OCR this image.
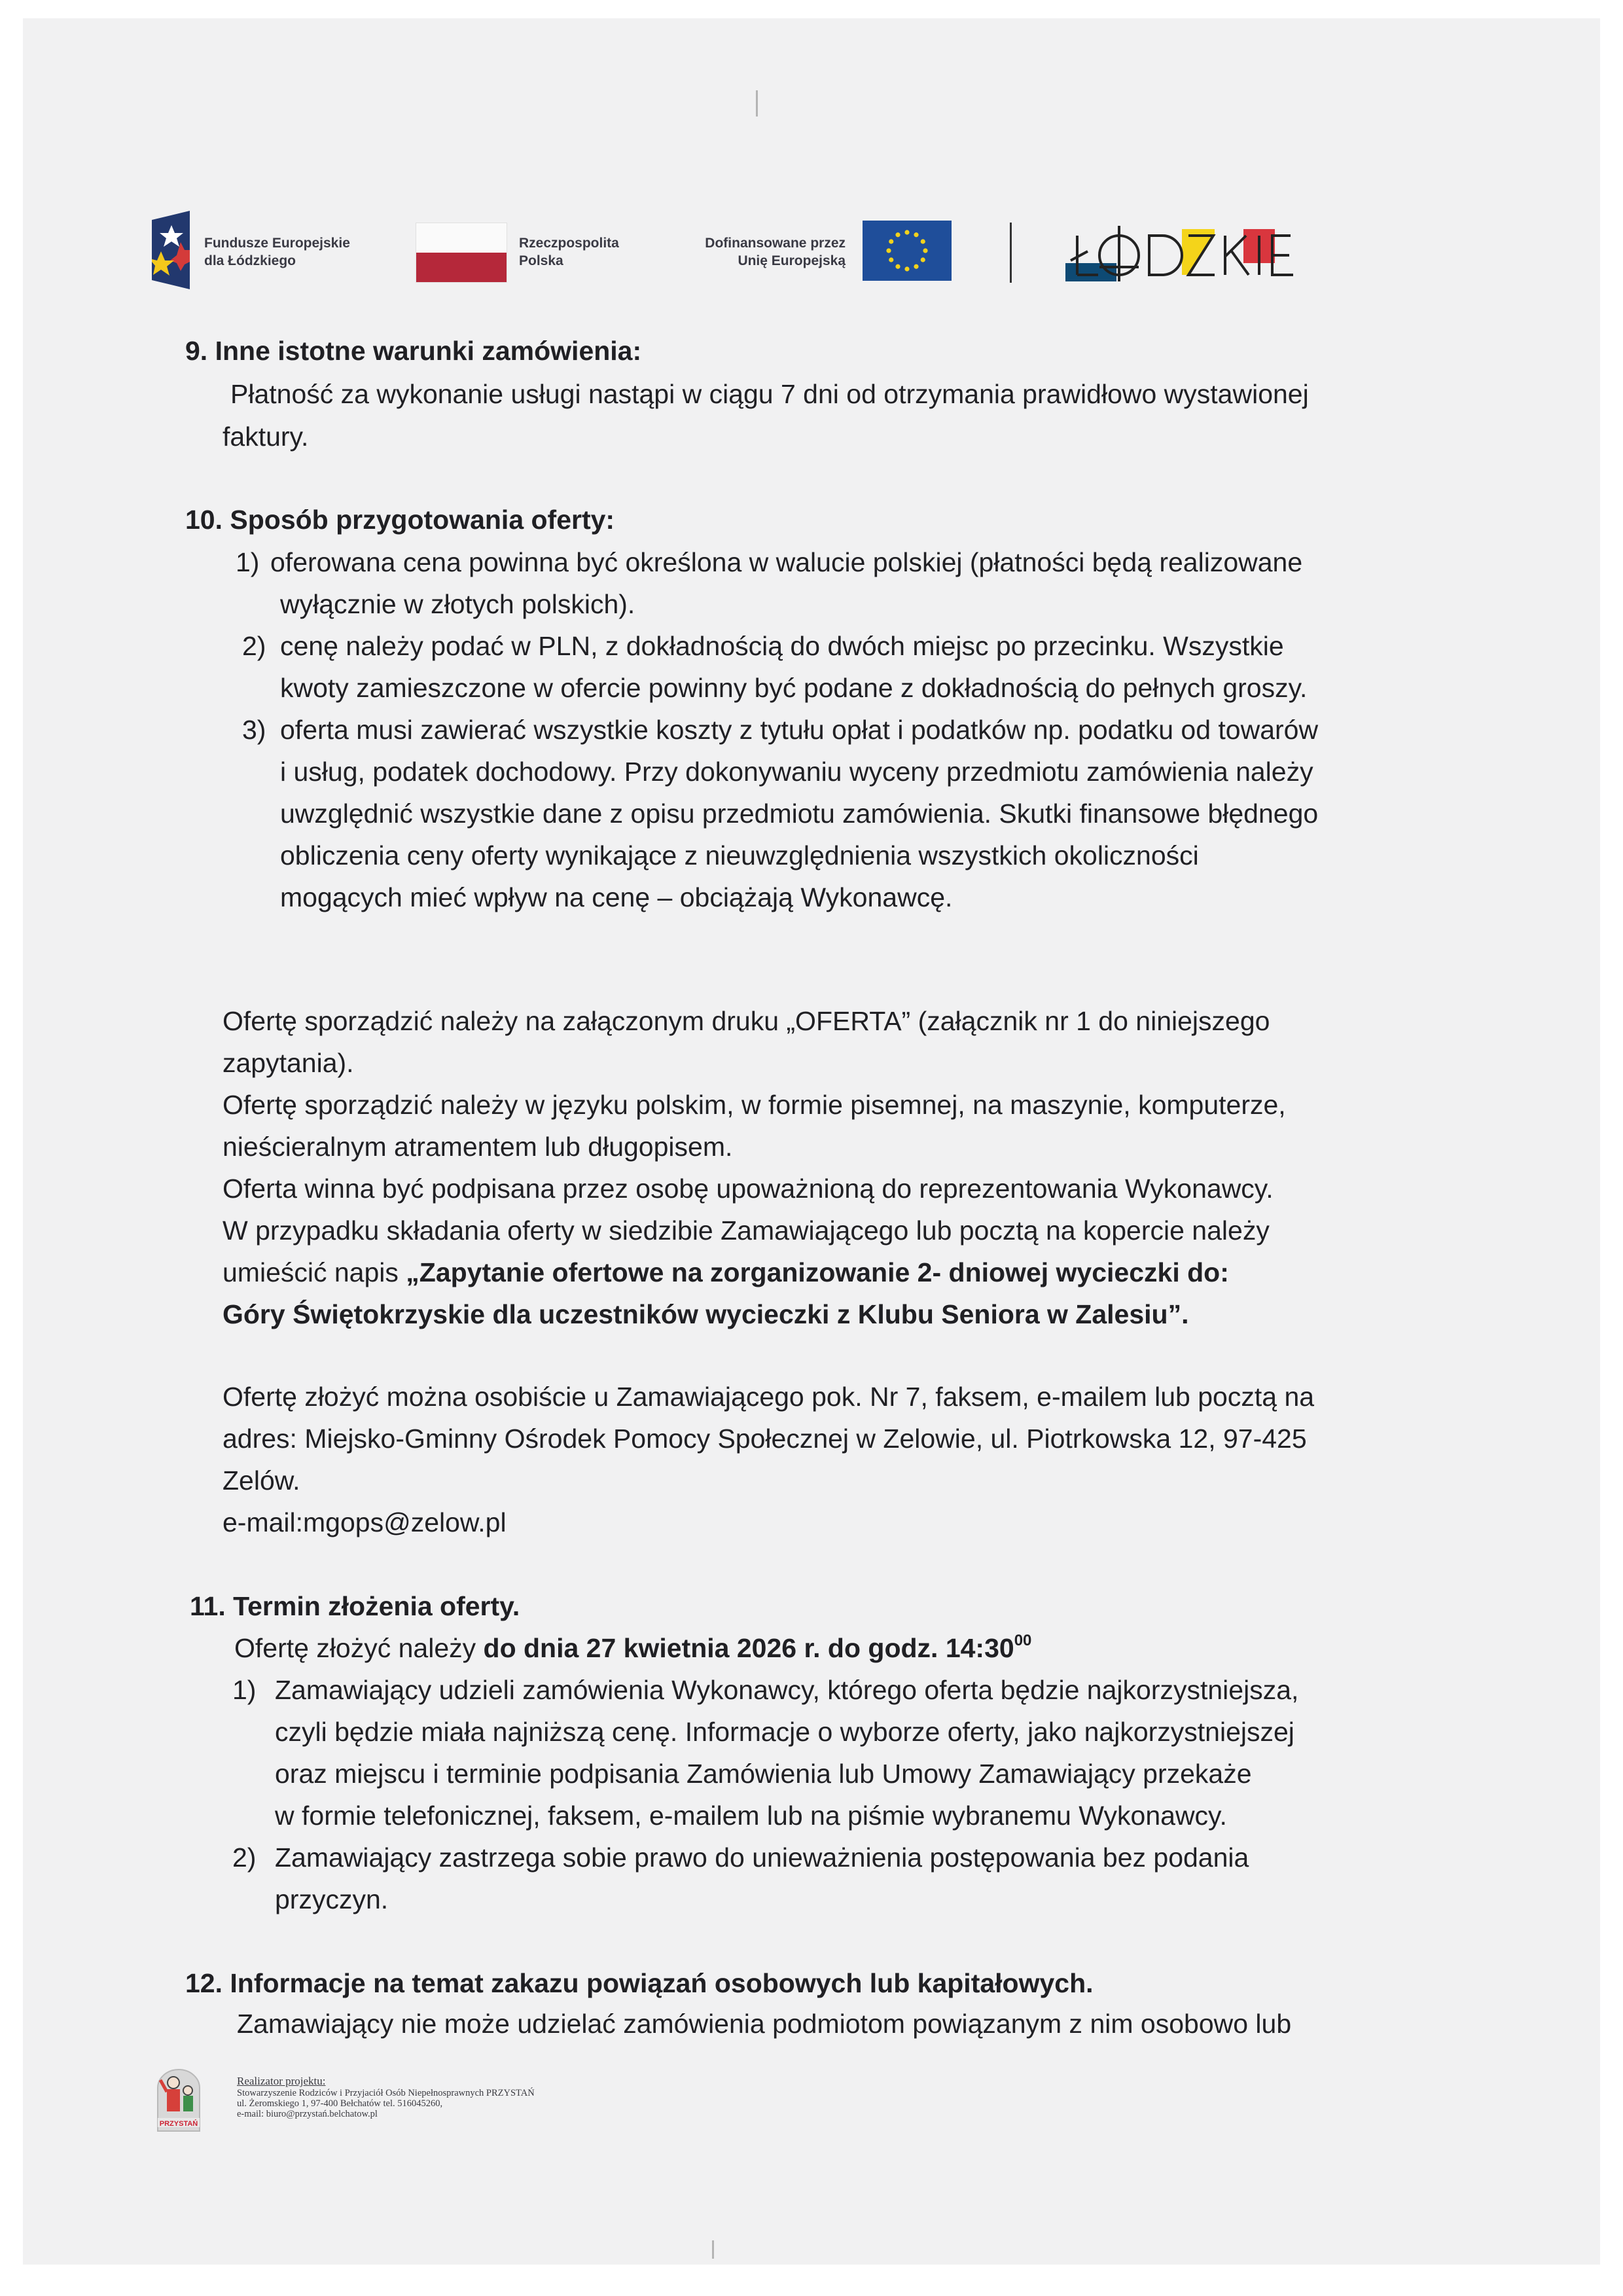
Fundusze Europejskie
dla Łódzkiego
Rzeczpospolita
Polska
Dofinansowane przez
Unię Europejską
9. Inne istotne warunki zamówienia:
Płatność za wykonanie usługi nastąpi w ciągu 7 dni od otrzymania prawidłowo wystawionej
faktury.
10. Sposób przygotowania oferty:
1) oferowana cena powinna być określona w walucie polskiej (płatności będą realizowane
wyłącznie w złotych polskich).
2) cenę należy podać w PLN, z dokładnością do dwóch miejsc po przecinku. Wszystkie
kwoty zamieszczone w ofercie powinny być podane z dokładnością do pełnych groszy.
3) oferta musi zawierać wszystkie koszty z tytułu opłat i podatków np. podatku od towarów
i usług, podatek dochodowy. Przy dokonywaniu wyceny przedmiotu zamówienia należy
uwzględnić wszystkie dane z opisu przedmiotu zamówienia. Skutki finansowe błędnego
obliczenia ceny oferty wynikające z nieuwzględnienia wszystkich okoliczności
mogących mieć wpływ na cenę – obciążają Wykonawcę.
Ofertę sporządzić należy na załączonym druku „OFERTA” (załącznik nr 1 do niniejszego
zapytania).
Ofertę sporządzić należy w języku polskim, w formie pisemnej, na maszynie, komputerze,
nieścieralnym atramentem lub długopisem.
Oferta winna być podpisana przez osobę upoważnioną do reprezentowania Wykonawcy.
W przypadku składania oferty w siedzibie Zamawiającego lub pocztą na kopercie należy
umieścić napis „Zapytanie ofertowe na zorganizowanie 2- dniowej wycieczki do:
Góry Świętokrzyskie dla uczestników wycieczki z Klubu Seniora w Zalesiu”.
Ofertę złożyć można osobiście u Zamawiającego pok. Nr 7, faksem, e-mailem lub pocztą na
adres: Miejsko-Gminny Ośrodek Pomocy Społecznej w Zelowie, ul. Piotrkowska 12, 97-425
Zelów.
e-mail:mgops@zelow.pl
11. Termin złożenia oferty.
Ofertę złożyć należy do dnia 27 kwietnia 2026 r. do godz. $14:30^{00}$
1) Zamawiający udzieli zamówienia Wykonawcy, którego oferta będzie najkorzystniejsza,
czyli będzie miała najniższą cenę. Informacje o wyborze oferty, jako najkorzystniejszej
oraz miejscu i terminie podpisania Zamówienia lub Umowy Zamawiający przekaże
w formie telefonicznej, faksem, e-mailem lub na piśmie wybranemu Wykonawcy.
2) Zamawiający zastrzega sobie prawo do unieważnienia postępowania bez podania
przyczyn.
12. Informacje na temat zakazu powiązań osobowych lub kapitałowych.
Zamawiający nie może udzielać zamówienia podmiotom powiązanym z nim osobowo lub
PRZYSTAŃ
Realizator projektu:
Stowarzyszenie Rodziców i Przyjaciół Osób Niepełnosprawnych PRZYSTAŃ
ul. Żeromskiego 1, 97-400 Bełchatów tel. 516045260,
e-mail: biuro@przystań.belchatow.pl
